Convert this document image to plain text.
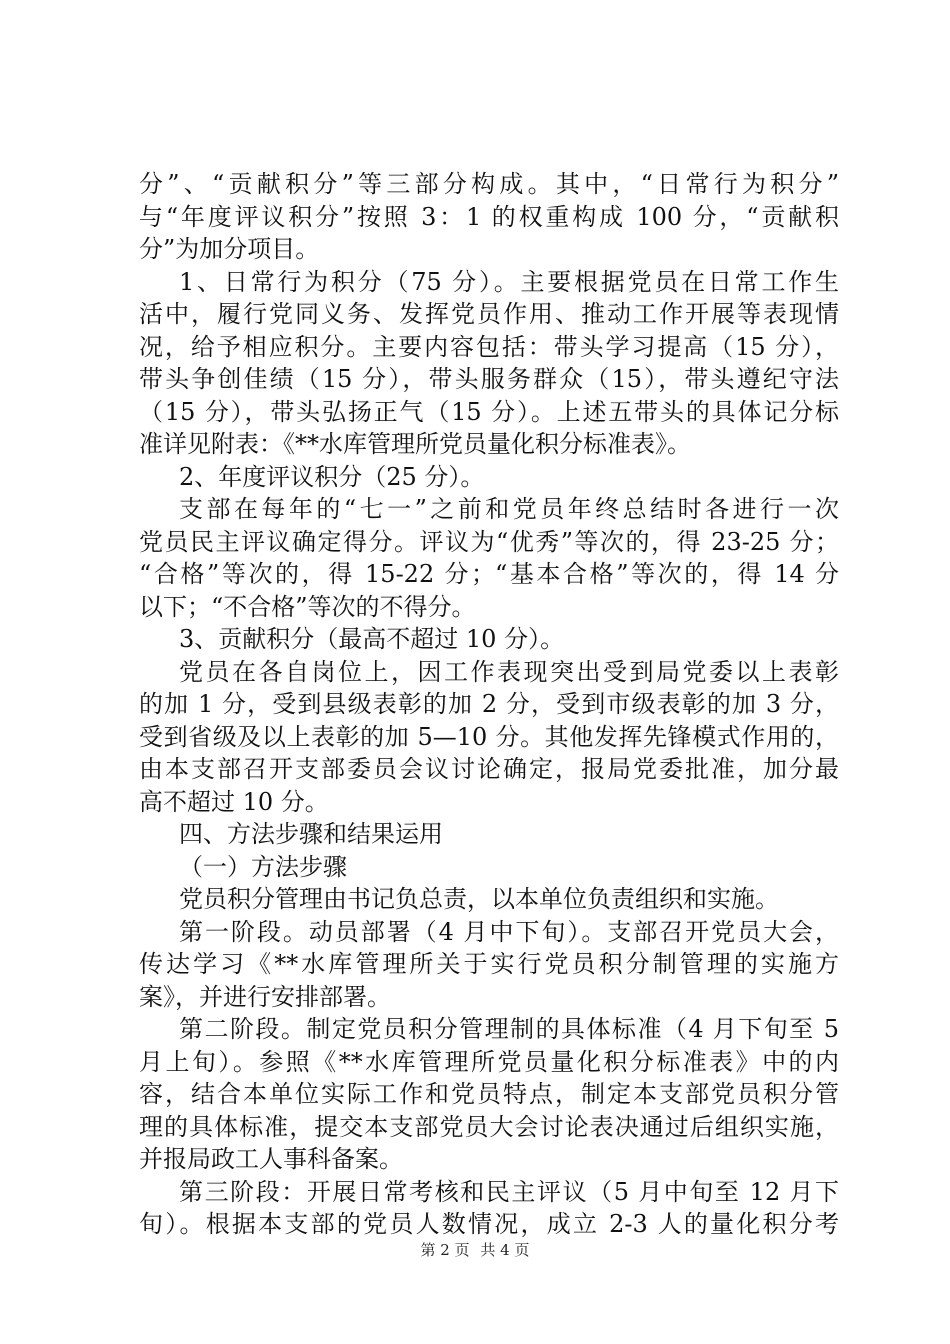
分”、“贡献积分”等三部分构成。其中，“日常行为积分”
与“年度评议积分”按照 3：1 的权重构成 100 分，“贡献积
分”为加分项目。
1、日常行为积分（75 分）。主要根据党员在日常工作生
活中，履行党同义务、发挥党员作用、推动工作开展等表现情
况，给予相应积分。主要内容包括：带头学习提高（15 分），
带头争创佳绩（15 分），带头服务群众（15），带头遵纪守法
（15 分），带头弘扬正气（15 分）。上述五带头的具体记分标
准详见附表：《**水库管理所党员量化积分标准表》。
2、年度评议积分（25 分）。
支部在每年的“七一”之前和党员年终总结时各进行一次
党员民主评议确定得分。评议为“优秀”等次的，得 23-25 分；
“合格”等次的，得 15-22 分；“基本合格”等次的，得 14 分
以下；“不合格”等次的不得分。
3、贡献积分（最高不超过 10 分）。
党员在各自岗位上，因工作表现突出受到局党委以上表彰
的加 1 分，受到县级表彰的加 2 分，受到市级表彰的加 3 分，
受到省级及以上表彰的加 5—10 分。其他发挥先锋模式作用的，
由本支部召开支部委员会议讨论确定，报局党委批准，加分最
高不超过 10 分。
四、方法步骤和结果运用
（一）方法步骤
党员积分管理由书记负总责，以本单位负责组织和实施。
第一阶段。动员部署（4 月中下旬）。支部召开党员大会，
传达学习《**水库管理所关于实行党员积分制管理的实施方
案》，并进行安排部署。
第二阶段。制定党员积分管理制的具体标准（4 月下旬至 5
月上旬）。参照《**水库管理所党员量化积分标准表》中的内
容，结合本单位实际工作和党员特点，制定本支部党员积分管
理的具体标准，提交本支部党员大会讨论表决通过后组织实施，
并报局政工人事科备案。
第三阶段：开展日常考核和民主评议（5 月中旬至 12 月下
旬）。根据本支部的党员人数情况，成立 2-3 人的量化积分考
第 2 页 共 4 页
